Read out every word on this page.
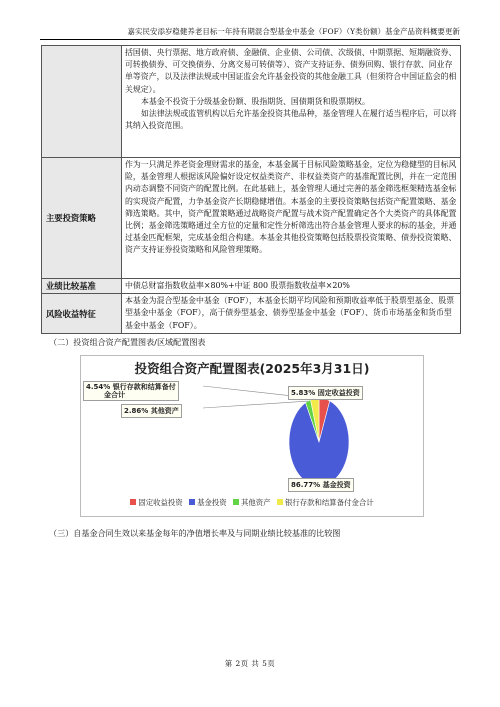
嘉实民安添岁稳健养老目标一年持有期混合型基金中基金（FOF）（Y类份额）基金产品资料概要更新

	括国债、央行票据、地方政府债、金融债、企业债、公司债、次级债、中期票据、短期融资券、可转换债券、可交换债券、分离交易可转债等）、资产支持证券、债券回购、银行存款、同业存单等资产，以及法律法规或中国证监会允许基金投资的其他金融工具（但须符合中国证监会的相关规定）。

本基金不投资于分级基金份额、股指期货、国债期货和股票期权。

如法律法规或监管机构以后允许基金投资其他品种，基金管理人在履行适当程序后，可以将其纳入投资范围。

主要投资策略	作为一只满足养老资金理财需求的基金，本基金属于目标风险策略基金，定位为稳健型的目标风险，基金管理人根据该风险偏好设定权益类资产、非权益类资产的基准配置比例，并在一定范围内动态调整不同资产的配置比例。在此基础上，基金管理人通过完善的基金筛选框架精选基金标的实现资产配置，力争基金资产长期稳健增值。本基金的主要投资策略包括资产配置策略、基金筛选策略。其中，资产配置策略通过战略资产配置与战术资产配置确定各个大类资产的具体配置比例；基金筛选策略通过全方位的定量和定性分析筛选出符合基金管理人要求的标的基金，并通过基金匹配框架，完成基金组合构建。本基金其他投资策略包括股票投资策略、债券投资策略、资产支持证券投资策略和风险管理策略。

业绩比较基准	中债总财富指数收益率×80%+中证 800 股票指数收益率×20%

风险收益特征	本基金为混合型基金中基金（FOF），本基金长期平均风险和预期收益率低于股票型基金、股票型基金中基金（FOF），高于债券型基金、债券型基金中基金（FOF）、货币市场基金和货币型基金中基金（FOF）。

（二）投资组合资产配置图表/区域配置图表
投资组合资产配置图表(2025年3月31日)
4.54% 银行存款和结算备付
金合计
2.86% 其他资产
5.83% 固定收益投资
86.77% 基金投资
固定收益投资 基金投资 其他资产 银行存款和结算备付金合计
（三）自基金合同生效以来基金每年的净值增长率及与同期业绩比较基准的比较图
第 2页 共 5页
